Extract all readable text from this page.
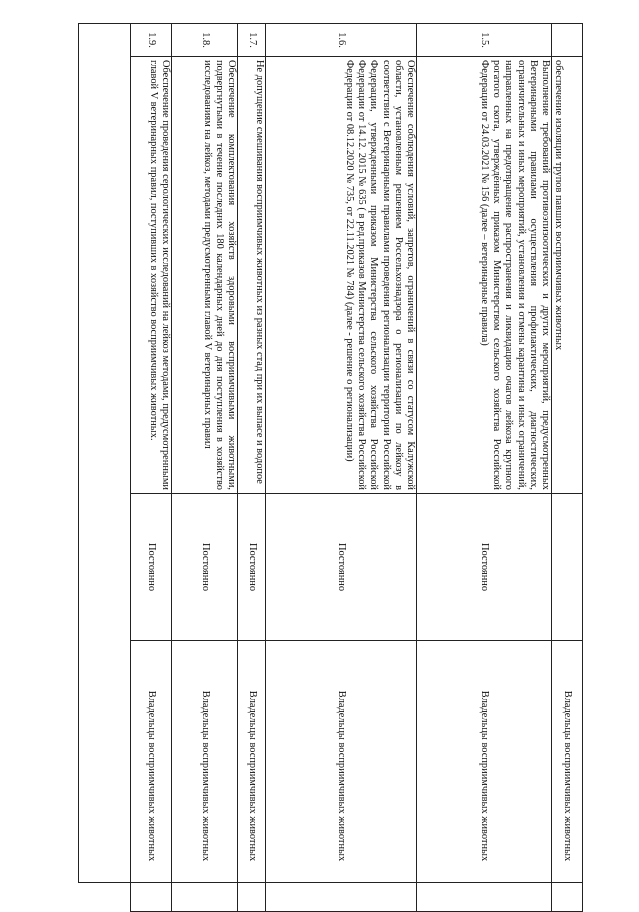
	обеспечение изоляции трупов павших восприимчивых животных		Владельцы восприимчивых животных
1.5.	Выполнение требований противоэпизоотических и других мероприятий, предусмотренных Ветеринарными правилами осуществления профилактических, диагностических, ограничительных и иных мероприятий, установления и отмены карантина и иных ограничений, направленных на предотвращение распространения и ликвидацию очагов лейкоза крупного рогатого скота, утверждённых приказом Министерством сельского хозяйства Российской Федерации от 24.03.2021 № 156 (далее – ветеринарные правила)	Постоянно	Владельцы восприимчивых животных
1.6.	Обеспечение соблюдения условий, запретов, ограничений в связи со статусом Калужской области, установленным решением Россельхознадзора о регионализации по лейкозу в соответствии с Ветеринарными правилами проведения регионализации территории Российской Федерации, утвержденными приказом Министерства сельского хозяйства Российской Федерации от 14.12. 2015 № 635 ( в ред.приказов Министерства сельского хозяйства Российской Федерации от 08.12.2020 № 735, от 22.11.2021 № 784) (далее - решение о регионализации)	Постоянно	Владельцы восприимчивых животных
1.7.	Не допущение смешивания восприимчивых животных из разных стад при их выпасе и водопое	Постоянно	Владельцы восприимчивых животных
1.8.	Обеспечение комплектования хозяйств здоровыми восприимчивыми животными, подвергнутыми в течение последних 180 календарных дней до дня поступления в хозяйство исследованиям на лейкоз, методами предусмотренными главой V ветеринарных правил	Постоянно	Владельцы восприимчивых животных
1.9.	Обеспечение проведения серологических исследований на лейкоз методами, предусмотренными главой V ветеринарных правил, поступивших в хозяйство восприимчивых животных.	Постоянно	Владельцы восприимчивых животных
